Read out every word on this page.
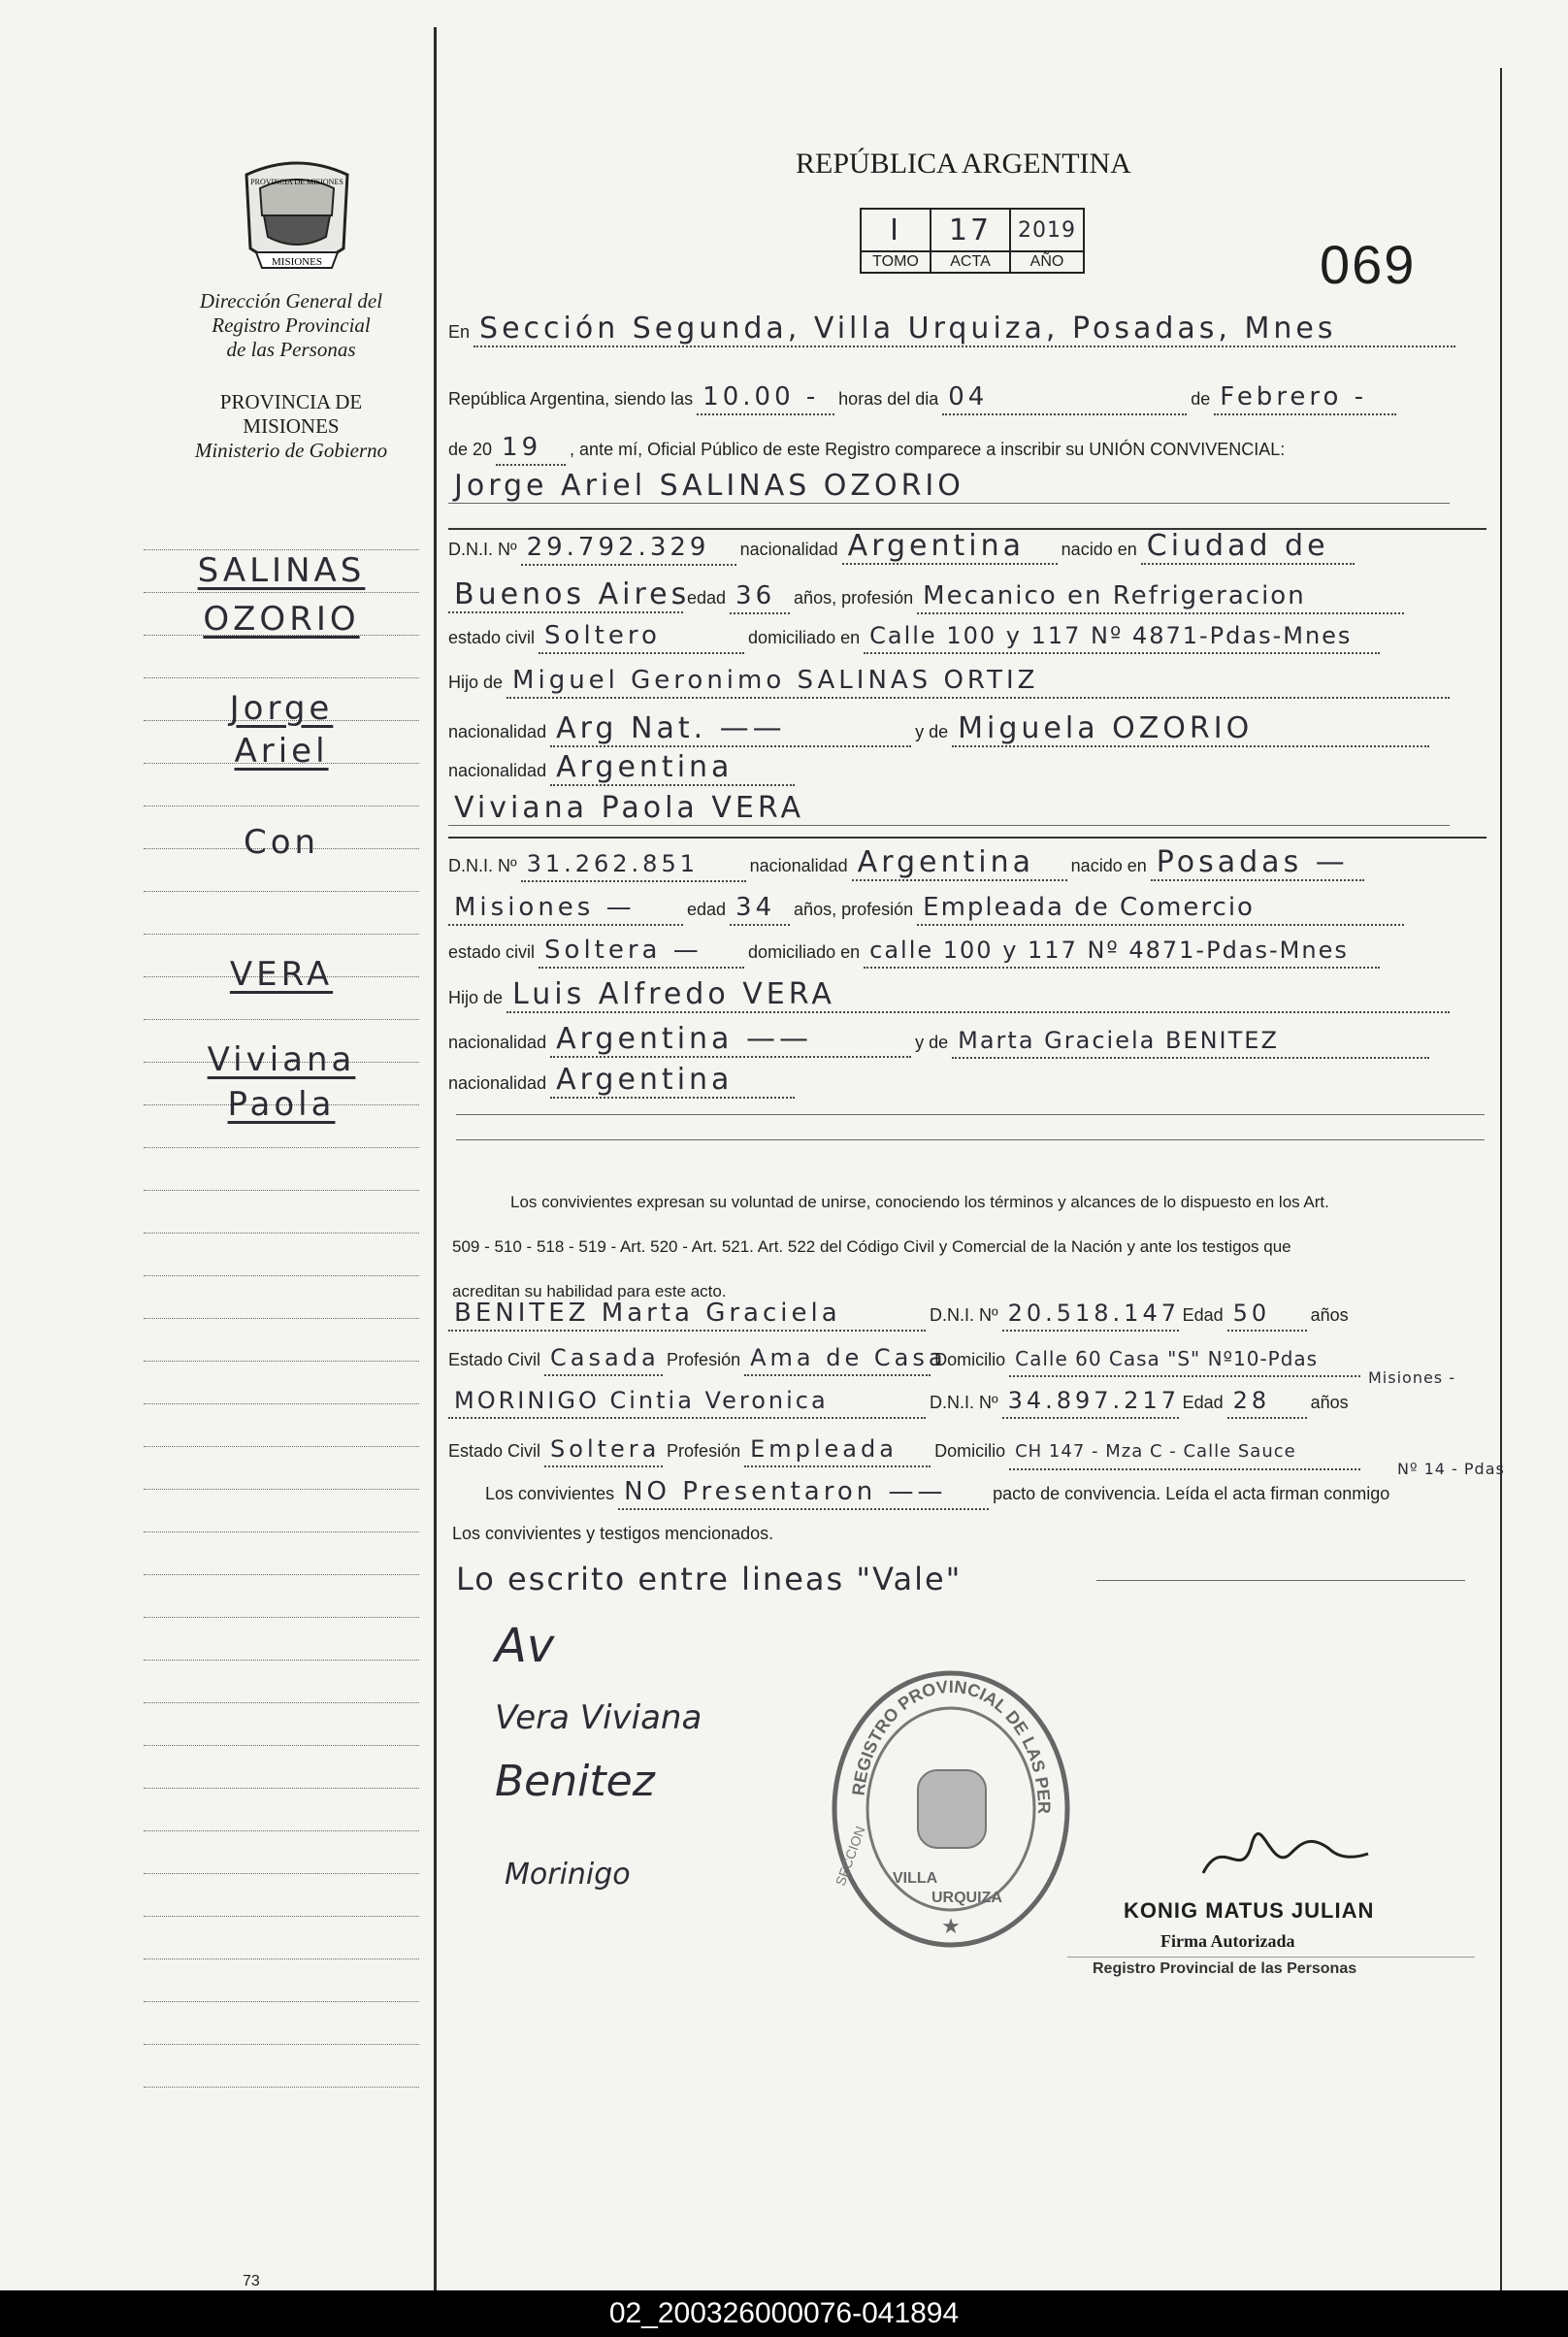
REPÚBLICA ARGENTINA
I	17	2019
TOMO	ACTA	AÑO	069
MISIONES
PROVINCIA DE MISIONES
Dirección General del
Registro Provincial
de las Personas
PROVINCIA DE
MISIONES
Ministerio de Gobierno
SALINAS
OZORIO
Jorge
Ariel
Con
VERA
Viviana
Paola
73
En Sección Segunda, Villa Urquiza, Posadas, Mnes
República Argentina, siendo las 10.00 - horas del dia 04	de Febrero -
de 20 19 , ante mí, Oficial Público de este Registro comparece a inscribir su UNIÓN CONVIVENCIAL:
Jorge Ariel SALINAS OZORIO
D.N.I. Nº 29.792.329 nacionalidad Argentina nacido en Ciudad de
Buenos Aires edad 36 años, profesión Mecanico en Refrigeracion
estado civil Soltero	domiciliado en Calle 100 y 117 Nº 4871-Pdas-Mnes
Hijo de Miguel Geronimo SALINAS ORTIZ
nacionalidad Arg Nat. ——	y de Miguela OZORIO
nacionalidad Argentina
Viviana Paola VERA
D.N.I. Nº 31.262.851	nacionalidad Argentina nacido en Posadas —
Misiones —	edad 34 años, profesión Empleada de Comercio
estado civil Soltera —	domiciliado en calle 100 y 117 Nº 4871-Pdas-Mnes
Hijo de Luis Alfredo VERA
nacionalidad Argentina ——	y de Marta Graciela BENITEZ
nacionalidad Argentina
Los convivientes expresan su voluntad de unirse, conociendo los términos y alcances de lo dispuesto en los Art.
509 - 510 - 518 - 519 - Art. 520 - Art. 521. Art. 522 del Código Civil y Comercial de la Nación y ante los testigos que
acreditan su habilidad para este acto.
BENITEZ Marta Graciela	D.N.I. Nº 20.518.147 Edad 50 años
Estado Civil Casada Profesión Ama de Casa Domicilio Calle 60 Casa "S" Nº10-Pdas
Misiones -
MORINIGO Cintia Veronica	D.N.I. Nº 34.897.217 Edad 28 años
Estado Civil Soltera Profesión Empleada Domicilio CH 147 - Mza C - Calle Sauce
Nº 14 - Pdas
Los convivientes NO Presentaron ——	pacto de convivencia. Leída el acta firman conmigo
Los convivientes y testigos mencionados.
Lo escrito entre lineas "Vale"
Av
Vera Viviana
Benitez
Morinigo
REGISTRO PROVINCIAL DE LAS PER
VILLA
URQUIZA
SECCION
★
KONIG MATUS JULIAN
Firma Autorizada
Registro Provincial de las Personas
02_200326000076-041894
